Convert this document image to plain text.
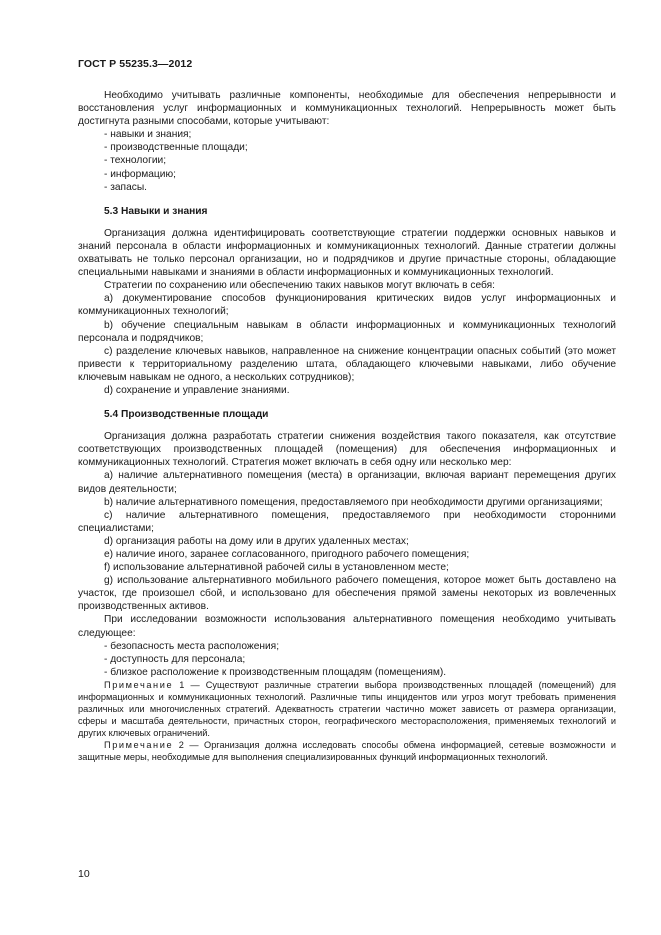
ГОСТ Р 55235.3—2012

Необходимо учитывать различные компоненты, необходимые для обеспечения непрерывности и восстановления услуг информационных и коммуникационных технологий. Непрерывность может быть достигнута разными способами, которые учитывают:

- навыки и знания;

- производственные площади;

- технологии;

- информацию;

- запасы.

5.3 Навыки и знания

Организация должна идентифицировать соответствующие стратегии поддержки основных навыков и знаний персонала в области информационных и коммуникационных технологий. Данные стратегии должны охватывать не только персонал организации, но и подрядчиков и другие причастные стороны, обладающие специальными навыками и знаниями в области информационных и коммуникационных технологий.

Стратегии по сохранению или обеспечению таких навыков могут включать в себя:

a) документирование способов функционирования критических видов услуг информационных и коммуникационных технологий;

b) обучение специальным навыкам в области информационных и коммуникационных технологий персонала и подрядчиков;

c) разделение ключевых навыков, направленное на снижение концентрации опасных событий (это может привести к территориальному разделению штата, обладающего ключевыми навыками, либо обучение ключевым навыкам не одного, а нескольких сотрудников);

d) сохранение и управление знаниями.

5.4 Производственные площади

Организация должна разработать стратегии снижения воздействия такого показателя, как отсутствие соответствующих производственных площадей (помещения) для обеспечения информационных и коммуникационных технологий. Стратегия может включать в себя одну или несколько мер:

a) наличие альтернативного помещения (места) в организации, включая вариант перемещения других видов деятельности;

b) наличие альтернативного помещения, предоставляемого при необходимости другими организациями;

c) наличие альтернативного помещения, предоставляемого при необходимости сторонними специалистами;

d) организация работы на дому или в других удаленных местах;

e) наличие иного, заранее согласованного, пригодного рабочего помещения;

f) использование альтернативной рабочей силы в установленном месте;

g) использование альтернативного мобильного рабочего помещения, которое может быть доставлено на участок, где произошел сбой, и использовано для обеспечения прямой замены некоторых из вовлеченных производственных активов.

При исследовании возможности использования альтернативного помещения необходимо учитывать следующее:

- безопасность места расположения;

- доступность для персонала;

- близкое расположение к производственным площадям (помещениям).

Примечание 1 — Существуют различные стратегии выбора производственных площадей (помещений) для информационных и коммуникационных технологий. Различные типы инцидентов или угроз могут требовать применения различных или многочисленных стратегий. Адекватность стратегии частично может зависеть от размера организации, сферы и масштаба деятельности, причастных сторон, географического месторасположения, применяемых технологий и других ключевых ограничений.

Примечание 2 — Организация должна исследовать способы обмена информацией, сетевые возможности и защитные меры, необходимые для выполнения специализированных функций информационных технологий.

10
